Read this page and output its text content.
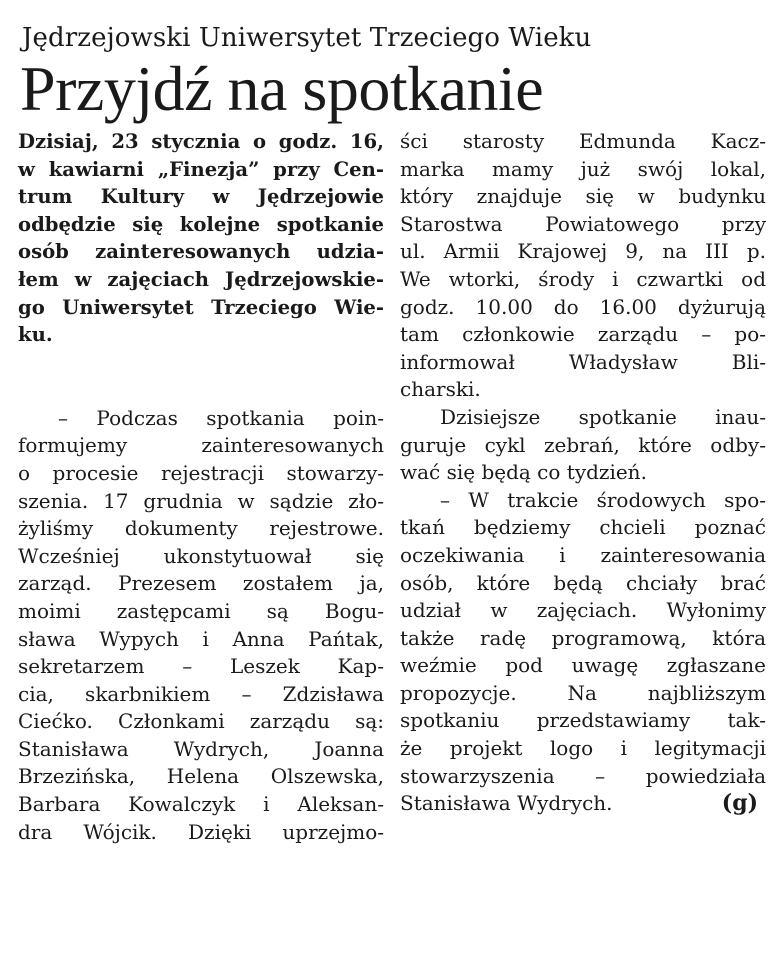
Jędrzejowski Uniwersytet Trzeciego Wieku
Przyjdź na spotkanie

Dzisiaj, 23 stycznia o godz. 16,
w kawiarni „Finezja” przy Cen-
trum Kultury w Jędrzejowie
odbędzie się kolejne spotkanie
osób zainteresowanych udzia-
łem w zajęciach Jędrzejowskie-
go Uniwersytet Trzeciego Wie-
ku.

– Podczas spotkania poin-
formujemy zainteresowanych
o procesie rejestracji stowarzy-
szenia. 17 grudnia w sądzie zło-
żyliśmy dokumenty rejestrowe.
Wcześniej ukonstytuował się
zarząd. Prezesem zostałem ja,
moimi zastępcami są Bogu-
sława Wypych i Anna Pańtak,
sekretarzem – Leszek Kap-
cia, skarbnikiem – Zdzisława
Ciećko. Członkami zarządu są:
Stanisława Wydrych, Joanna
Brzezińska, Helena Olszewska,
Barbara Kowalczyk i Aleksan-
dra Wójcik. Dzięki uprzejmo-

ści starosty Edmunda Kacz-
marka mamy już swój lokal,
który znajduje się w budynku
Starostwa Powiatowego przy
ul. Armii Krajowej 9, na III p.
We wtorki, środy i czwartki od
godz. 10.00 do 16.00 dyżurują
tam członkowie zarządu – po-
informował Władysław Bli-
charski.

Dzisiejsze spotkanie inau-
guruje cykl zebrań, które odby-
wać się będą co tydzień.

– W trakcie środowych spo-
tkań będziemy chcieli poznać
oczekiwania i zainteresowania
osób, które będą chciały brać
udział w zajęciach. Wyłonimy
także radę programową, która
weźmie pod uwagę zgłaszane
propozycje. Na najbliższym
spotkaniu przedstawiamy tak-
że projekt logo i legitymacji
stowarzyszenia – powiedziała
Stanisława Wydrych.	(g)
